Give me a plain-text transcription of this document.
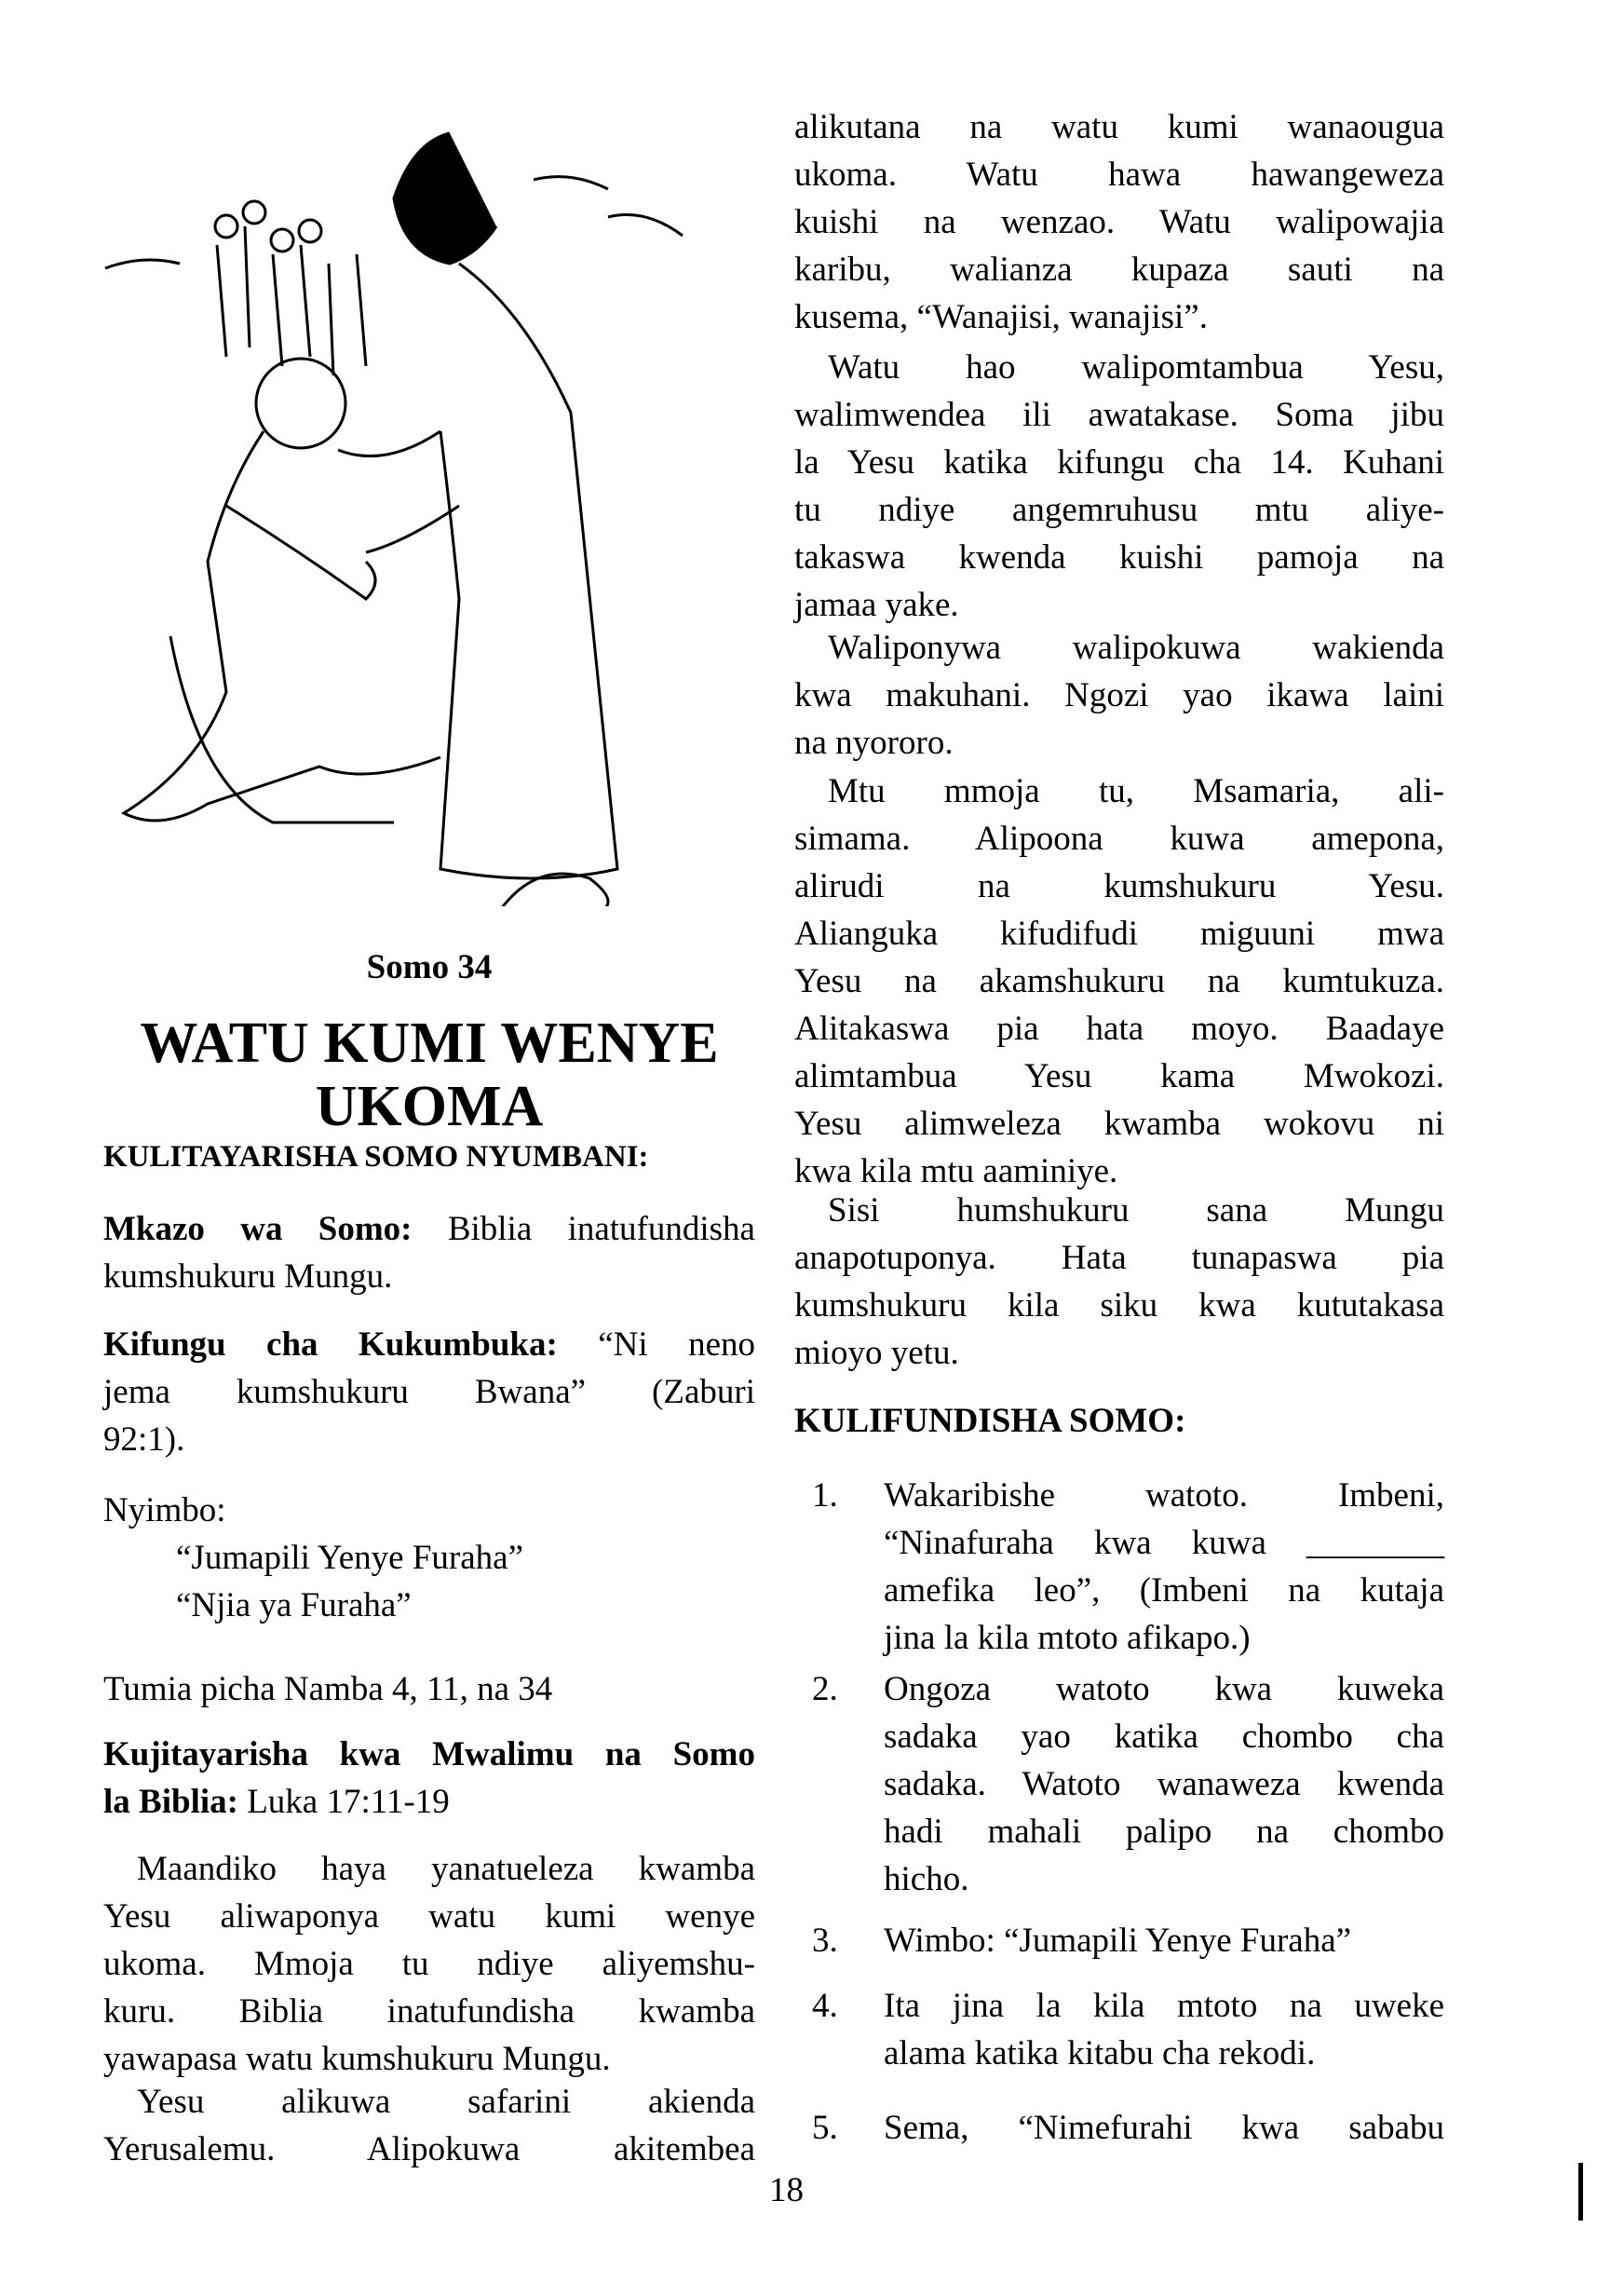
Somo 34
WATU KUMI WENYE
UKOMA
KULITAYARISHA SOMO NYUMBANI:
Mkazo wa Somo: Biblia inatufundisha
kumshukuru Mungu.
Kifungu cha Kukumbuka: “Ni neno
jema kumshukuru Bwana” (Zaburi
92:1).
Nyimbo:
“Jumapili Yenye Furaha”
“Njia ya Furaha”
Tumia picha Namba 4, 11, na 34
Kujitayarisha kwa Mwalimu na Somo
la Biblia: Luka 17:11-19
Maandiko haya yanatueleza kwamba
Yesu aliwaponya watu kumi wenye
ukoma. Mmoja tu ndiye aliyemshu-
kuru. Biblia inatufundisha kwamba
yawapasa watu kumshukuru Mungu.
Yesu alikuwa safarini akienda
Yerusalemu. Alipokuwa akitembea
alikutana na watu kumi wanaougua
ukoma. Watu hawa hawangeweza
kuishi na wenzao. Watu walipowajia
karibu, walianza kupaza sauti na
kusema, “Wanajisi, wanajisi”.
Watu hao walipomtambua Yesu,
walimwendea ili awatakase. Soma jibu
la Yesu katika kifungu cha 14. Kuhani
tu ndiye angemruhusu mtu aliye-
takaswa kwenda kuishi pamoja na
jamaa yake.
Waliponywa walipokuwa wakienda
kwa makuhani. Ngozi yao ikawa laini
na nyororo.
Mtu mmoja tu, Msamaria, ali-
simama. Alipoona kuwa amepona,
alirudi na kumshukuru Yesu.
Alianguka kifudifudi miguuni mwa
Yesu na akamshukuru na kumtukuza.
Alitakaswa pia hata moyo. Baadaye
alimtambua Yesu kama Mwokozi.
Yesu alimweleza kwamba wokovu ni
kwa kila mtu aaminiye.
Sisi humshukuru sana Mungu
anapotuponya. Hata tunapaswa pia
kumshukuru kila siku kwa kututakasa
mioyo yetu.
KULIFUNDISHA SOMO:
1. Wakaribishe watoto. Imbeni,
“Ninafuraha kwa kuwa ________
amefika leo”, (Imbeni na kutaja
jina la kila mtoto afikapo.)
2. Ongoza watoto kwa kuweka
sadaka yao katika chombo cha
sadaka. Watoto wanaweza kwenda
hadi mahali palipo na chombo
hicho.
3. Wimbo: “Jumapili Yenye Furaha”
4. Ita jina la kila mtoto na uweke
alama katika kitabu cha rekodi.
5. Sema, “Nimefurahi kwa sababu
18
